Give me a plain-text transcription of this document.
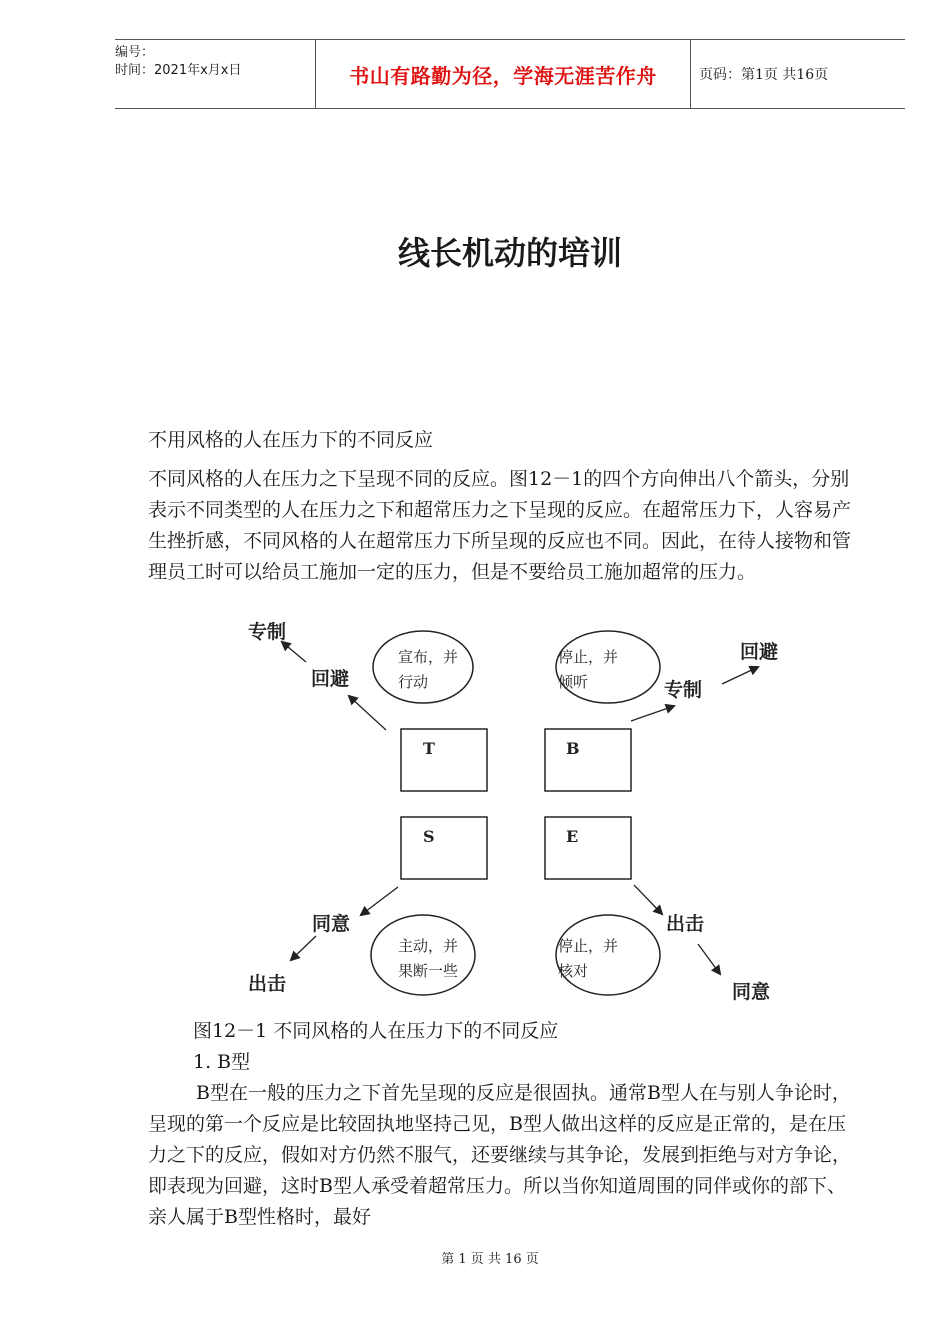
编号：
时间：2021年x月x日	书山有路勤为径，学海无涯苦作舟	页码：第1页 共16页
线长机动的培训
不用风格的人在压力下的不同反应
不同风格的人在压力之下呈现不同的反应。图12－1的四个方向伸出八个箭头，分别表示不同类型的人在压力之下和超常压力之下呈现的反应。在超常压力下，人容易产生挫折感，不同风格的人在超常压力下所呈现的反应也不同。因此，在待人接物和管理员工时可以给员工施加一定的压力，但是不要给员工施加超常的压力。
宣布，并
行动
停止，并
倾听
主动，并
果断一些
停止，并
核对
T	B
S	E
专制
回避	专制
回避
同意
出击
出击
同意
图12－1 不同风格的人在压力下的不同反应
1. B型
B型在一般的压力之下首先呈现的反应是很固执。通常B型人在与别人争论时，呈现的第一个反应是比较固执地坚持己见，B型人做出这样的反应是正常的，是在压力之下的反应，假如对方仍然不服气，还要继续与其争论，发展到拒绝与对方争论，即表现为回避，这时B型人承受着超常压力。所以当你知道周围的同伴或你的部下、亲人属于B型性格时，最好
第 1 页 共 16 页
